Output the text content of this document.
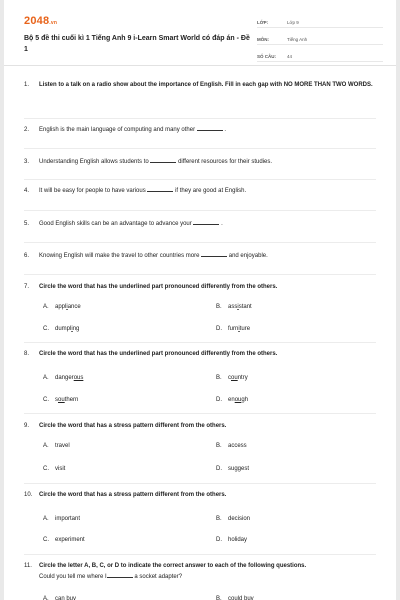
2048.vn
Bộ 5 đề thi cuối kì 1 Tiếng Anh 9 i-Learn Smart World có đáp án - Đề 1
LỚP:	Lớp 9
MÔN:	Tiếng Anh
SỐ CÂU:	44
1. Listen to a talk on a radio show about the importance of English. Fill in each gap with NO MORE THAN TWO WORDS.
2. English is the main language of computing and many other	.
3. Understanding English allows students to	different resources for their studies.
4. It will be easy for people to have various	if they are good at English.
5. Good English skills can be an advantage to advance your	.
6. Knowing English will make the travel to other countries more	and enjoyable.
7. Circle the word that has the underlined part pronounced differently from the others.
A. appliance	B. assistant
C. dumpling	D. furniture
8. Circle the word that has the underlined part pronounced differently from the others.
A. dangerous	B. country
C. southern	D. enough
9. Circle the word that has a stress pattern different from the others.
A. travel	B. access
C. visit	D. suggest
10. Circle the word that has a stress pattern different from the others.
A. important	B. decision
C. experiment	D. holiday
11. Circle the letter A, B, C, or D to indicate the correct answer to each of the following questions.
Could you tell me where I	a socket adapter?
A. can buy	B. could buy
